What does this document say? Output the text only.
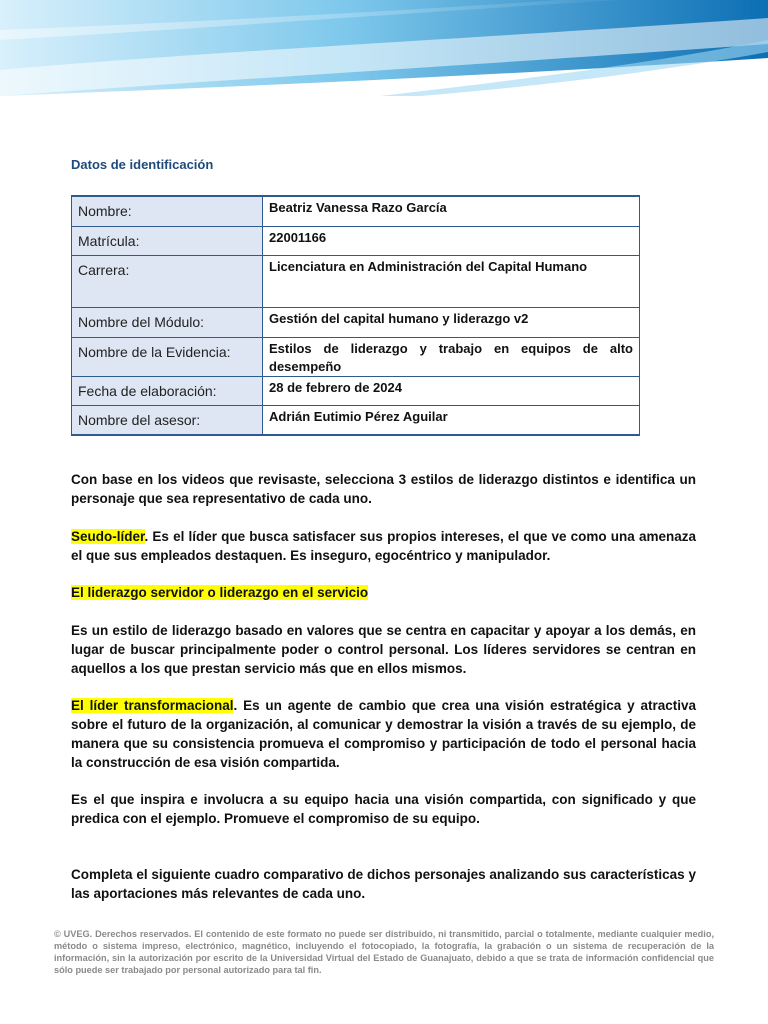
Datos de identificación
Nombre:	Beatriz Vanessa Razo García
Matrícula:	22001166
Carrera:	Licenciatura en Administración del Capital Humano
Nombre del Módulo:	Gestión del capital humano y liderazgo v2
Nombre de la Evidencia:	Estilos de liderazgo y trabajo en equipos de alto desempeño
Fecha de elaboración:	28 de febrero de 2024
Nombre del asesor:	Adrián Eutimio Pérez Aguilar

Con base en los videos que revisaste, selecciona 3 estilos de liderazgo distintos e identifica un personaje que sea representativo de cada uno.

Seudo-líder. Es el líder que busca satisfacer sus propios intereses, el que ve como una amenaza el que sus empleados destaquen. Es inseguro, egocéntrico y manipulador.

El liderazgo servidor o liderazgo en el servicio

Es un estilo de liderazgo basado en valores que se centra en capacitar y apoyar a los demás, en lugar de buscar principalmente poder o control personal. Los líderes servidores se centran en aquellos a los que prestan servicio más que en ellos mismos.

El líder transformacional. Es un agente de cambio que crea una visión estratégica y atractiva sobre el futuro de la organización, al comunicar y demostrar la visión a través de su ejemplo, de manera que su consistencia promueva el compromiso y participación de todo el personal hacia la construcción de esa visión compartida.

Es el que inspira e involucra a su equipo hacia una visión compartida, con significado y que predica con el ejemplo. Promueve el compromiso de su equipo.

Completa el siguiente cuadro comparativo de dichos personajes analizando sus características y las aportaciones más relevantes de cada uno.

© UVEG. Derechos reservados. El contenido de este formato no puede ser distribuido, ni transmitido, parcial o totalmente, mediante cualquier medio, método o sistema impreso, electrónico, magnético, incluyendo el fotocopiado, la fotografía, la grabación o un sistema de recuperación de la información, sin la autorización por escrito de la Universidad Virtual del Estado de Guanajuato, debido a que se trata de información confidencial que sólo puede ser trabajado por personal autorizado para tal fin.
